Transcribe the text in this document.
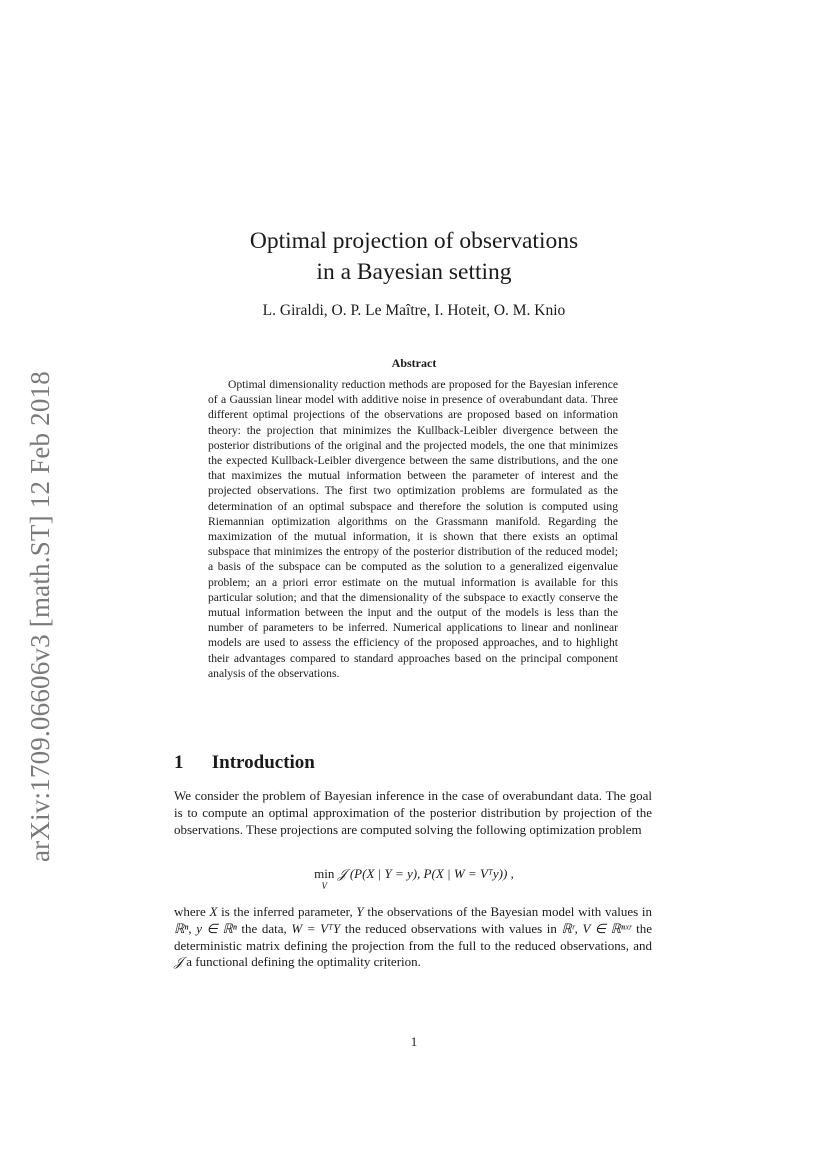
arXiv:1709.06606v3 [math.ST] 12 Feb 2018
Optimal projection of observations
in a Bayesian setting
L. Giraldi, O. P. Le Maître, I. Hoteit, O. M. Knio
Abstract
Optimal dimensionality reduction methods are proposed for the Bayesian inference of a Gaussian linear model with additive noise in presence of overabundant data. Three different optimal projections of the observations are proposed based on information theory: the projection that minimizes the Kullback-Leibler divergence between the posterior distributions of the original and the projected models, the one that minimizes the expected Kullback-Leibler divergence between the same distributions, and the one that maximizes the mutual information between the parameter of interest and the projected observations. The first two optimization problems are formulated as the determination of an optimal subspace and therefore the solution is computed using Riemannian optimization algorithms on the Grassmann manifold. Regarding the maximization of the mutual information, it is shown that there exists an optimal subspace that minimizes the entropy of the posterior distribution of the reduced model; a basis of the subspace can be computed as the solution to a generalized eigenvalue problem; an a priori error estimate on the mutual information is available for this particular solution; and that the dimensionality of the subspace to exactly conserve the mutual information between the input and the output of the models is less than the number of parameters to be inferred. Numerical applications to linear and nonlinear models are used to assess the efficiency of the proposed approaches, and to highlight their advantages compared to standard approaches based on the principal component analysis of the observations.
1 Introduction
We consider the problem of Bayesian inference in the case of overabundant data. The goal is to compute an optimal approximation of the posterior distribution by projection of the observations. These projections are computed solving the following optimization problem
min
V
𝒥 (P(X | Y = y), P(X | W = Vᵀy)) ,
where X is the inferred parameter, Y the observations of the Bayesian model with values in ℝⁿ, y ∈ ℝⁿ the data, W = VᵀY the reduced observations with values in ℝʳ, V ∈ ℝⁿˣʳ the deterministic matrix defining the projection from the full to the reduced observations, and 𝒥 a functional defining the optimality criterion.
1
